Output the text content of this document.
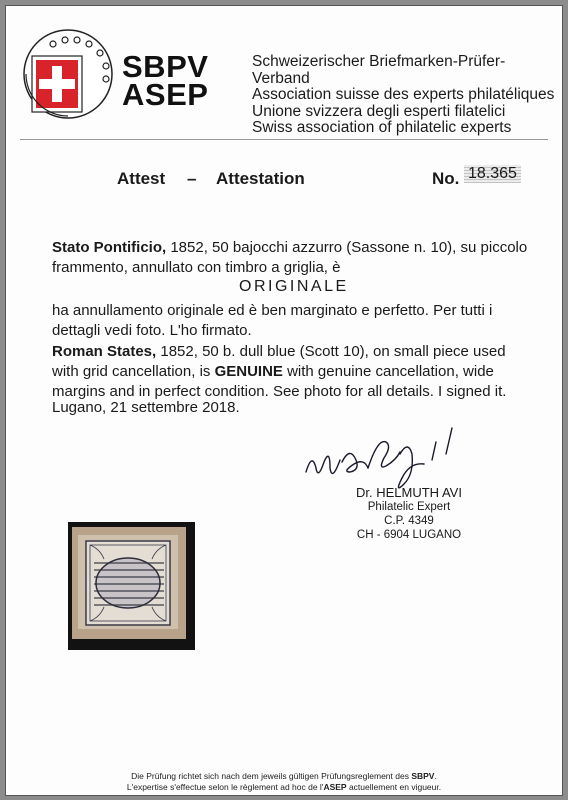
SBPV
ASEP
Schweizerischer Briefmarken-Prüfer-Verband
Association suisse des experts philatéliques
Unione svizzera degli esperti filatelici
Swiss association of philatelic experts
Attest – Attestation	No. 18.365
Stato Pontificio, 1852, 50 bajocchi azzurro (Sassone n. 10), su piccolo frammento, annullato con timbro a griglia, è
ORIGINALE
ha annullamento originale ed è ben marginato e perfetto. Per tutti i dettagli vedi foto. L'ho firmato.
Roman States, 1852, 50 b. dull blue (Scott 10), on small piece used with grid cancellation, is GENUINE with genuine cancellation, wide margins and in perfect condition. See photo for all details. I signed it.
Lugano, 21 settembre 2018.
Dr. HELMUTH AVI
Philatelic Expert
C.P. 4349
CH - 6904 LUGANO
Die Prüfung richtet sich nach dem jeweils gültigen Prüfungsreglement des SBPV.
L'expertise s'effectue selon le règlement ad hoc de l'ASEP actuellement en vigueur.
